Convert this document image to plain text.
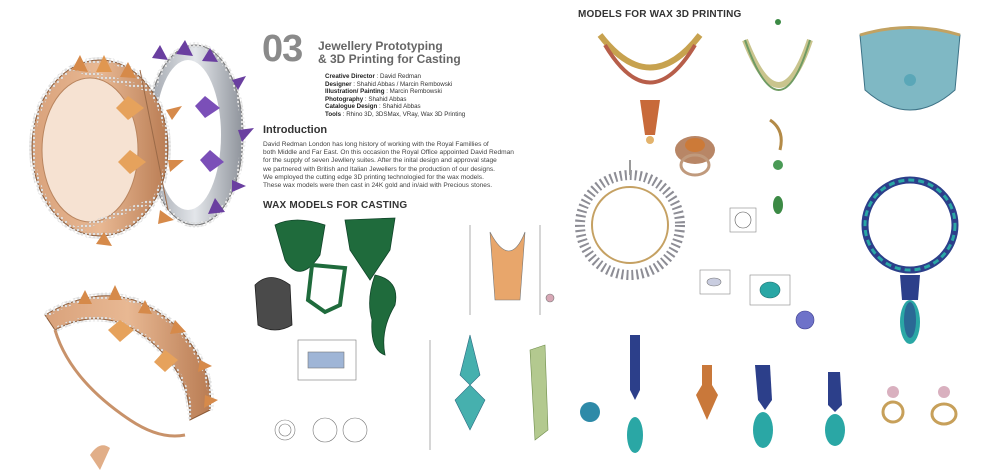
03 Jewellery Prototyping
& 3D Printing for Casting
Creative Director : David Redman
Designer : Shahid Abbas / Marcin Rembowski
Illustration/ Painting : Marcin Rembowski
Photography : Shahid Abbas
Catalogue Design : Shahid Abbas
Tools : Rhino 3D, 3DSMax, VRay, Wax 3D Printing
Introduction
David Redman London has long history of working with the Royal Famillies of
both Middle and Far East. On this occasion the Royal Office appointed David Redman
for the supply of seven Jewllery suites. After the inital design and approval stage
we partnered with British and Italian Jewellers for the production of our designs.
We employed the cutting edge 3D printing technologied for the wax models.
These wax models were then cast in 24K gold and in/aid with Precious stones.
WAX MODELS FOR CASTING
MODELS FOR WAX 3D PRINTING
